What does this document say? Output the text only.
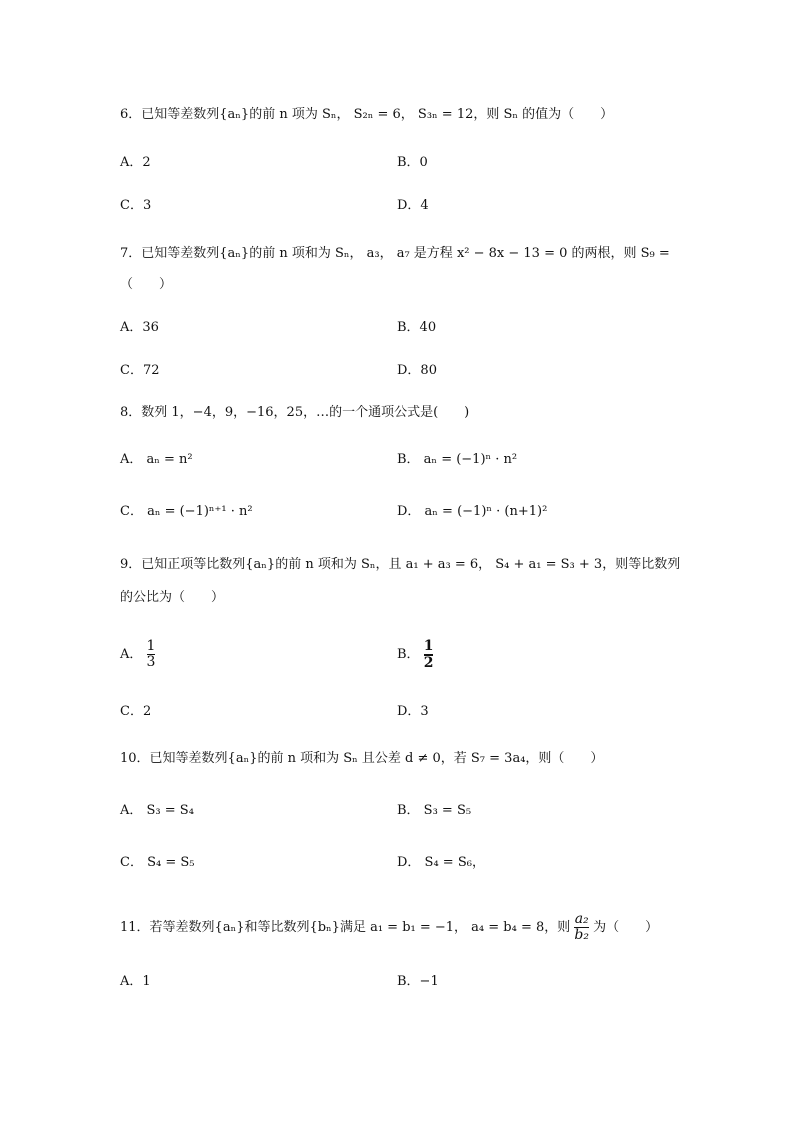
6．已知等差数列{aₙ}的前 n 项为 Sₙ， S₂ₙ = 6， S₃ₙ = 12，则 Sₙ 的值为（　　）
A．2	B．0
C．3	D．4
7．已知等差数列{aₙ}的前 n 项和为 Sₙ， a₃， a₇ 是方程 x² − 8x − 13 = 0 的两根，则 S₉ =
（　　）
A．36	B．40
C．72	D．80
8．数列 1，−4，9，−16，25，…的一个通项公式是(　　)
A． aₙ = n²	B． aₙ = (−1)ⁿ · n²
C． aₙ = (−1)ⁿ⁺¹ · n²	D． aₙ = (−1)ⁿ · (n+1)²
9．已知正项等比数列{aₙ}的前 n 项和为 Sₙ，且 a₁ + a₃ = 6， S₄ + a₁ = S₃ + 3，则等比数列
的公比为（　　）
A． $\frac{1}{3}$	B． $\frac{1}{2}$
C．2	D．3
10．已知等差数列{aₙ}的前 n 项和为 Sₙ 且公差 d ≠ 0，若 S₇ = 3a₄，则（　　）
A． S₃ = S₄	B． S₃ = S₅
C． S₄ = S₅	D． S₄ = S₆，
11．若等差数列{aₙ}和等比数列{bₙ}满足 a₁ = b₁ = −1， a₄ = b₄ = 8，则 $\frac{\text{a₂}}{\text{b₂}}$ 为（　　）
A．1	B．−1
